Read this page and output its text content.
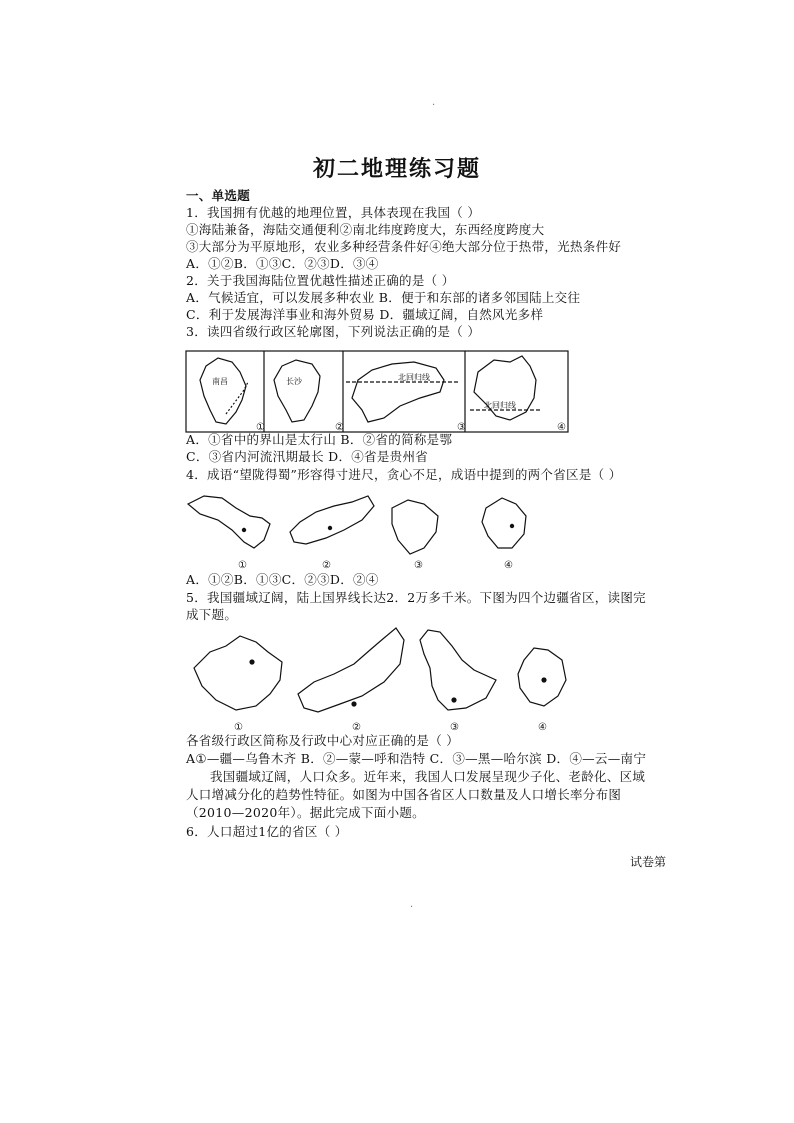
初二地理练习题
一、单选题
1．我国拥有优越的地理位置，具体表现在我国（ ）
①海陆兼备，海陆交通便利②南北纬度跨度大，东西经度跨度大
③大部分为平原地形，农业多种经营条件好④绝大部分位于热带，光热条件好
A．①②B．①③C．②③D．③④
2．关于我国海陆位置优越性描述正确的是（ ）
A．气候适宜，可以发展多种农业 B．便于和东部的诸多邻国陆上交往
C．利于发展海洋事业和海外贸易 D．疆域辽阔，自然风光多样
3．读四省级行政区轮廓图，下列说法正确的是（ ）
A．①省中的界山是太行山 B．②省的简称是鄂
C．③省内河流汛期最长 D．④省是贵州省
4．成语“望陇得蜀”形容得寸进尺，贪心不足，成语中提到的两个省区是（ ）
A．①②B．①③C．②③D．②④
5．我国疆域辽阔，陆上国界线长达2．2万多千米。下图为四个边疆省区，读图完
成下题。
各省级行政区简称及行政中心对应正确的是（ ）
A①—疆—乌鲁木齐 B．②—蒙—呼和浩特 C．③—黑—哈尔滨 D．④—云—南宁
我国疆域辽阔，人口众多。近年来，我国人口发展呈现少子化、老龄化、区域
人口增减分化的趋势性特征。如图为中国各省区人口数量及人口增长率分布图
（2010—2020年）。据此完成下面小题。
6．人口超过1亿的省区（ ）
试卷第
·
·
南昌	长沙	北回归线
北回归线
①	②	③	④
①	②	③	④
①	②	③	④
